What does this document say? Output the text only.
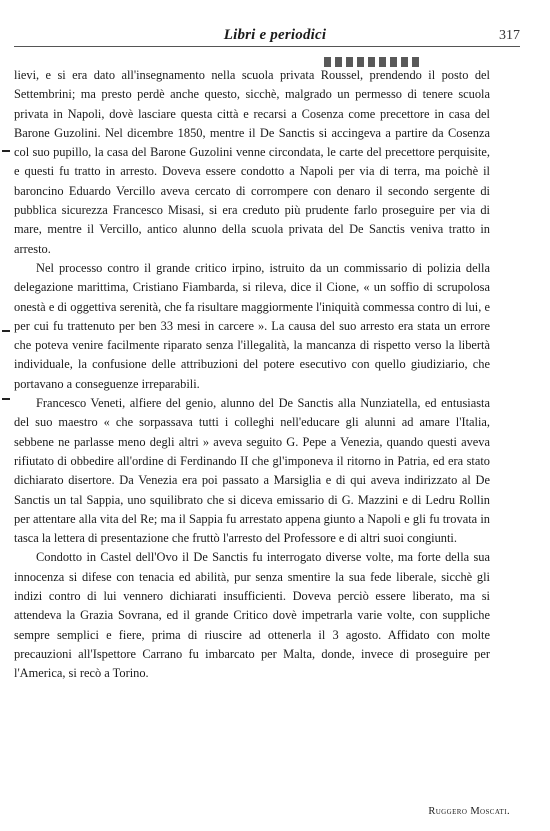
Libri e periodici	317

lievi, e si era dato all'insegnamento nella scuola privata Roussel, prendendo il posto del Settembrini; ma presto perdè anche questo, sicchè, malgrado un permesso di tenere scuola privata in Napoli, dovè lasciare questa città e recarsi a Cosenza come precettore in casa del Barone Guzolini. Nel dicembre 1850, mentre il De Sanctis si accingeva a partire da Cosenza col suo pupillo, la casa del Barone Guzolini venne circondata, le carte del precettore perquisite, e questi fu tratto in arresto. Doveva essere condotto a Napoli per via di terra, ma poichè il baroncino Eduardo Vercillo aveva cercato di corrompere con denaro il secondo sergente di pubblica sicurezza Francesco Misasi, si era creduto più prudente farlo proseguire per via di mare, mentre il Vercillo, antico alunno della scuola privata del De Sanctis veniva tratto in arresto.

Nel processo contro il grande critico irpino, istruito da un commissario di polizia della delegazione marittima, Cristiano Fiambarda, si rileva, dice il Cione, « un soffio di scrupolosa onestà e di oggettiva serenità, che fa risultare maggiormente l'iniquità commessa contro di lui, e per cui fu trattenuto per ben 33 mesi in carcere ». La causa del suo arresto era stata un errore che poteva venire facilmente riparato senza l'illegalità, la mancanza di rispetto verso la libertà individuale, la confusione delle attribuzioni del potere esecutivo con quello giudiziario, che portavano a conseguenze irreparabili.

Francesco Veneti, alfiere del genio, alunno del De Sanctis alla Nunziatella, ed entusiasta del suo maestro « che sorpassava tutti i colleghi nell'educare gli alunni ad amare l'Italia, sebbene ne parlasse meno degli altri » aveva seguito G. Pepe a Venezia, quando questi aveva rifiutato di obbedire all'ordine di Ferdinando II che gl'imponeva il ritorno in Patria, ed era stato dichiarato disertore. Da Venezia era poi passato a Marsiglia e di qui aveva indirizzato al De Sanctis un tal Sappia, uno squilibrato che si diceva emissario di G. Mazzini e di Ledru Rollin per attentare alla vita del Re; ma il Sappia fu arrestato appena giunto a Napoli e gli fu trovata in tasca la lettera di presentazione che fruttò l'arresto del Professore e di altri suoi congiunti.

Condotto in Castel dell'Ovo il De Sanctis fu interrogato diverse volte, ma forte della sua innocenza si difese con tenacia ed abilità, pur senza smentire la sua fede liberale, sicchè gli indizi contro di lui vennero dichiarati insufficienti. Doveva perciò essere liberato, ma si attendeva la Grazia Sovrana, ed il grande Critico dovè impetrarla varie volte, con suppliche sempre semplici e fiere, prima di riuscire ad ottenerla il 3 agosto. Affidato con molte precauzioni all'Ispettore Carrano fu imbarcato per Malta, donde, invece di proseguire per l'America, si recò a Torino.

Ruggero Moscati.
